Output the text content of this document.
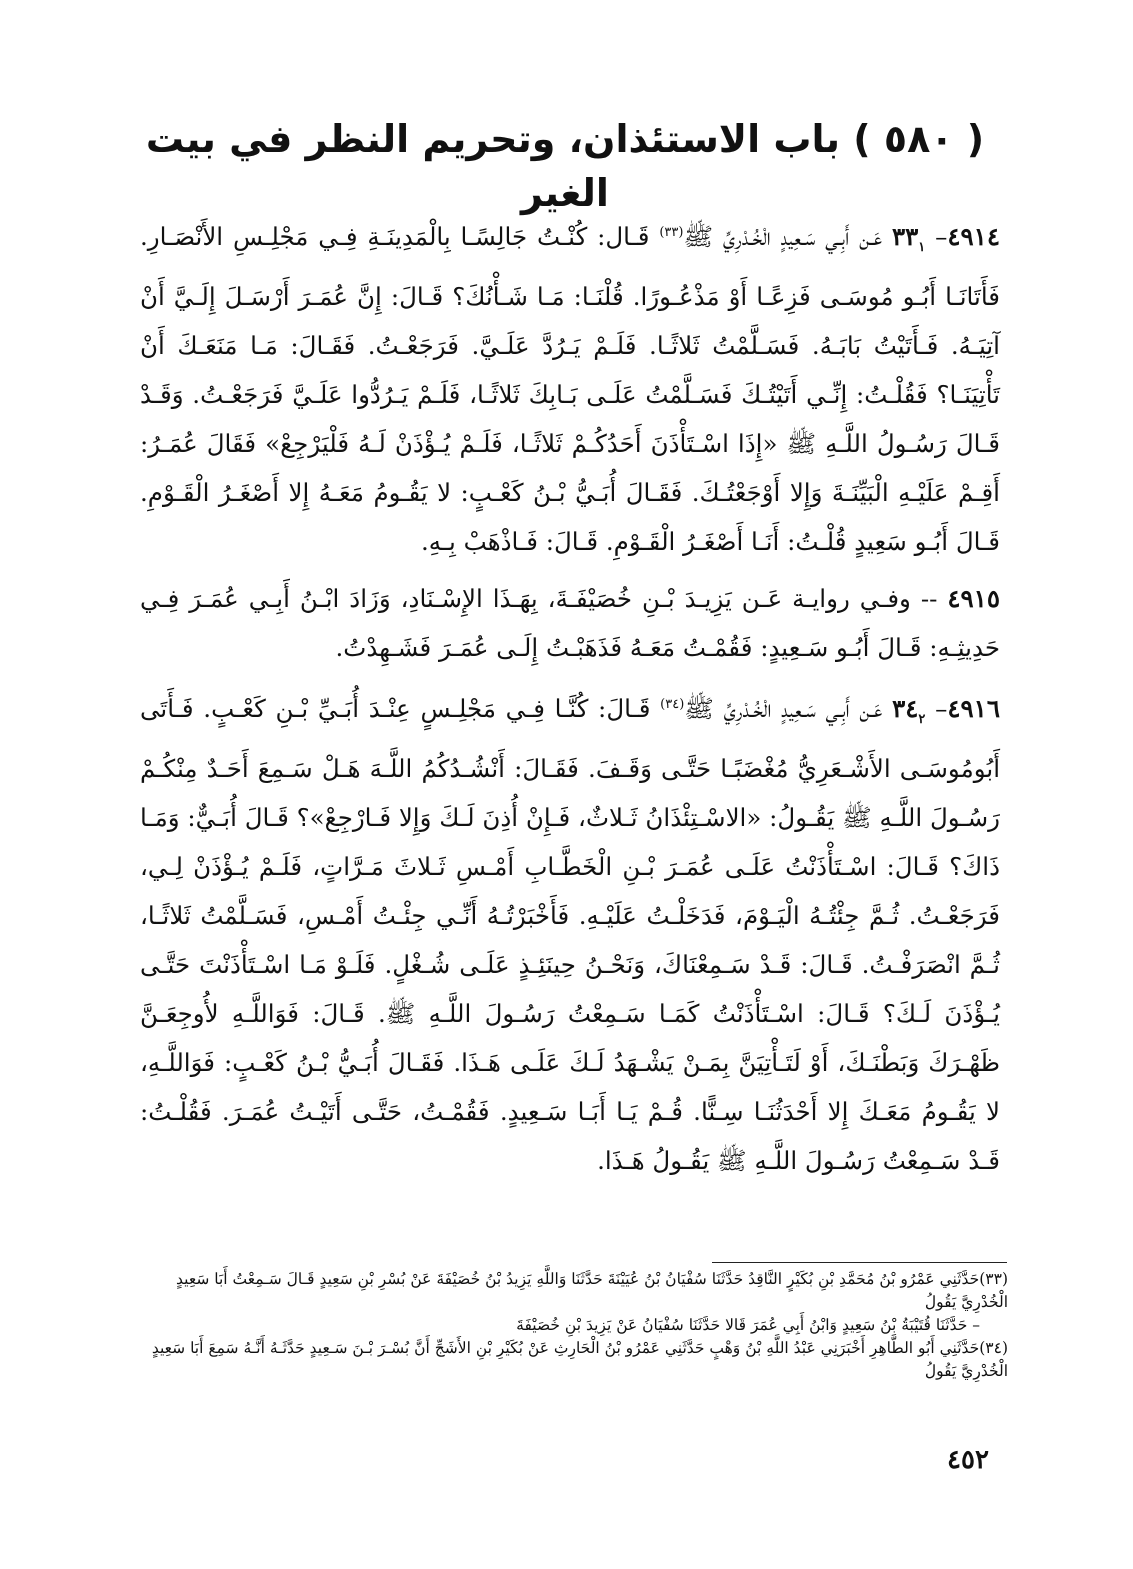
( ٥٨٠ ) باب الاستئذان، وتحريم النظر في بيت الغير

٤٩١٤– $٣٣_١$ عَـن أَبِـي سَـعِيدٍ الْخُـدْرِيِّ ﷺ$^{(٣٣)}$ قَـال: كُنْـتُ جَالِسًـا بِالْمَدِينَـةِ فِـي مَجْلِـسِ الأَنْصَـارِ. فَأَتَانَـا أَبُـو مُوسَـى فَزِعًـا أَوْ مَذْعُـورًا. قُلْنَـا: مَـا شَـأْنُكَ؟ قَـالَ: إِنَّ عُمَـرَ أَرْسَـلَ إِلَـيَّ أَنْ آتِيَـهُ. فَـأَتَيْتُ بَابَـهُ. فَسَـلَّمْتُ ثَلاثًـا. فَلَـمْ يَـرُدَّ عَلَـيَّ. فَرَجَعْـتُ. فَقَـالَ: مَـا مَنَعَـكَ أَنْ تَأْتِيَنَـا؟ فَقُلْـتُ: إِنِّـي أَتَيْتُـكَ فَسَـلَّمْتُ عَلَـى بَـابِكَ ثَلاثًـا، فَلَـمْ يَـرُدُّوا عَلَـيَّ فَرَجَعْـتُ. وَقَـدْ قَـالَ رَسُـولُ اللَّـهِ ﷺ «إِذَا اسْـتَأْذَنَ أَحَدُكُـمْ ثَلاثًـا، فَلَـمْ يُـؤْذَنْ لَـهُ فَلْيَرْجِعْ» فَقَالَ عُمَـرُ: أَقِـمْ عَلَيْـهِ الْبَيِّنَـةَ وَإِلا أَوْجَعْتُـكَ. فَقَـالَ أُبَـيُّ بْـنُ كَعْـبٍ: لا يَقُـومُ مَعَـهُ إِلا أَصْغَـرُ الْقَـوْمِ. قَـالَ أَبُـو سَعِيدٍ قُلْـتُ: أَنَـا أَصْغَـرُ الْقَـوْمِ. قَـالَ: فَـاذْهَبْ بِـهِ.

٤٩١٥ -- وفـي روايـة عَـن يَزِيـدَ بْـنِ خُصَيْفَـةَ، بِهَـذَا الإِسْـنَادِ، وَزَادَ ابْـنُ أَبِـي عُمَـرَ فِـي حَدِيثِـهِ: قَـالَ أَبُـو سَـعِيدٍ: فَقُمْـتُ مَعَـهُ فَذَهَبْـتُ إِلَـى عُمَـرَ فَشَـهِدْتُ.

٤٩١٦– $٣٤_٢$ عَـن أَبِـي سَـعِيدٍ الْخُـدْرِيِّ ﷺ$^{(٣٤)}$ قَـالَ: كُنَّـا فِـي مَجْلِـسٍ عِنْـدَ أُبَـيِّ بْـنِ كَعْـبٍ. فَـأَتَى أَبُومُوسَـى الأَشْـعَرِيُّ مُغْضَبًـا حَتَّـى وَقَـفَ. فَقَـالَ: أَنْشُـدُكُمُ اللَّـهَ هَـلْ سَـمِعَ أَحَـدٌ مِنْكُـمْ رَسُـولَ اللَّـهِ ﷺ يَقُـولُ: «الاسْـتِئْذَانُ ثَـلاثٌ، فَـإِنْ أُذِنَ لَـكَ وَإِلا فَـارْجِعْ»؟ قَـالَ أُبَـيٌّ: وَمَـا ذَاكَ؟ قَـالَ: اسْـتَأْذَنْتُ عَلَـى عُمَـرَ بْـنِ الْخَطَّـابِ أَمْـسِ ثَـلاثَ مَـرَّاتٍ، فَلَـمْ يُـؤْذَنْ لِـي، فَرَجَعْـتُ. ثُـمَّ جِئْتُـهُ الْيَـوْمَ، فَدَخَلْـتُ عَلَيْـهِ. فَأَخْبَرْتُـهُ أَنِّـي جِئْـتُ أَمْـسِ، فَسَـلَّمْتُ ثَلاثًـا، ثُـمَّ انْصَرَفْـتُ. قَـالَ: قَـدْ سَـمِعْنَاكَ، وَنَحْـنُ حِينَئِـذٍ عَلَـى شُـغْلٍ. فَلَـوْ مَـا اسْـتَأْذَنْتَ حَتَّـى يُـؤْذَنَ لَـكَ؟ قَـالَ: اسْـتَأْذَنْتُ كَمَـا سَـمِعْتُ رَسُـولَ اللَّـهِ ﷺ. قَـالَ: فَوَاللَّـهِ لأُوجِعَـنَّ ظَهْـرَكَ وَبَطْنَـكَ، أَوْ لَتَـأْتِيَنَّ بِمَـنْ يَشْـهَدُ لَـكَ عَلَـى هَـذَا. فَقَـالَ أُبَـيُّ بْـنُ كَعْـبٍ: فَوَاللَّـهِ، لا يَقُـومُ مَعَـكَ إِلا أَحْدَثُنَـا سِـنًّا. قُـمْ يَـا أَبَـا سَـعِيدٍ. فَقُمْـتُ، حَتَّـى أَتَيْـتُ عُمَـرَ. فَقُلْـتُ: قَـدْ سَـمِعْتُ رَسُـولَ اللَّـهِ ﷺ يَقُـولُ هَـذَا.

(٣٣)حَدَّثَنِي عَمْرُو بْنُ مُحَمَّدِ بْنِ بُكَيْرٍ النَّاقِدُ حَدَّثَنَا سُفْيَانُ بْنُ عُيَيْنَةَ حَدَّثَنَا وَاللَّهِ يَزِيدُ بْنُ خُصَيْفَةَ عَنْ بُسْرِ بْنِ سَعِيدٍ قَـالَ سَـمِعْتُ أَبَا سَعِيدٍ الْخُدْرِيَّ يَقُولُ

– حَدَّثَنَا قُتَيْبَةُ بْنُ سَعِيدٍ وَابْنُ أَبِي عُمَرَ قَالا حَدَّثَنَا سُفْيَانُ عَنْ يَزِيدَ بْنِ خُصَيْفَةَ

(٣٤)حَدَّثَنِي أَبُو الطَّاهِرِ أَخْبَرَنِي عَبْدُ اللَّهِ بْنُ وَهْبٍ حَدَّثَنِي عَمْرُو بْنُ الْحَارِثِ عَنْ بُكَيْرِ بْنِ الأَشَجِّ أَنَّ بُسْـرَ بْـنَ سَـعِيدٍ حَدَّثَـهُ أَنَّـهُ سَمِعَ أَبَا سَعِيدٍ الْخُدْرِيَّ يَقُولُ

٤٥٢
